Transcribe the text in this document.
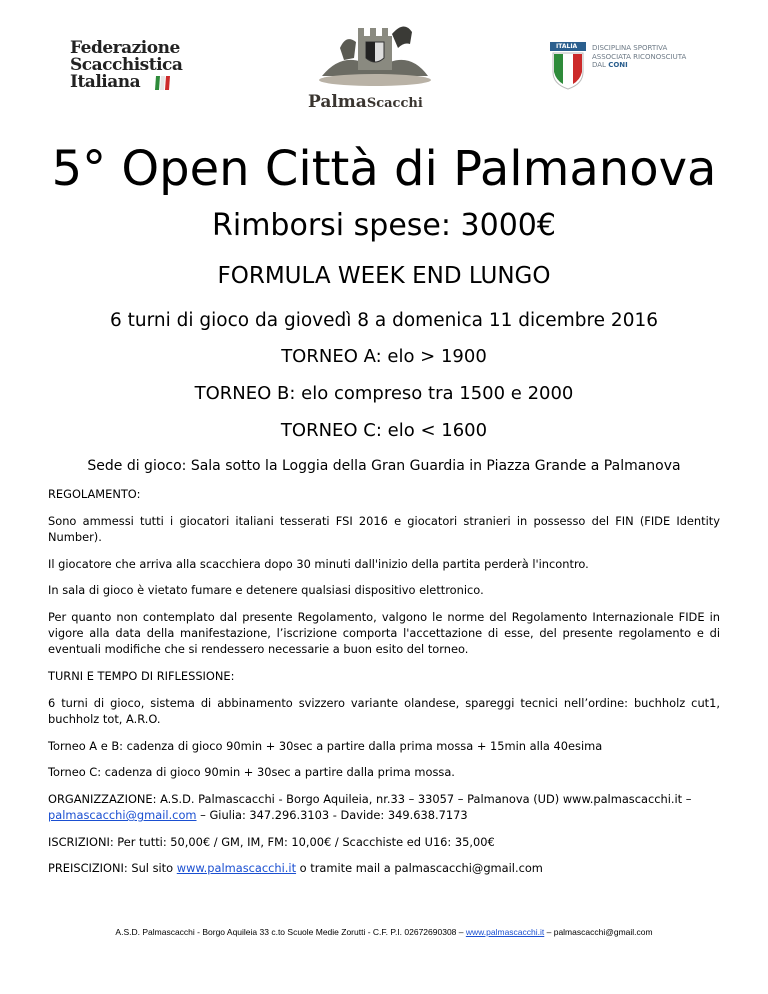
Federazione
Scacchistica
Italiana
PalmaScacchi
ITALIA DISCIPLINA SPORTIVA
ASSOCIATA RICONOSCIUTA
DAL CONI
5° Open Città di Palmanova
Rimborsi spese: 3000€
FORMULA WEEK END LUNGO
6 turni di gioco da giovedì 8 a domenica 11 dicembre 2016
TORNEO A: elo > 1900
TORNEO B: elo compreso tra 1500 e 2000
TORNEO C: elo < 1600
Sede di gioco: Sala sotto la Loggia della Gran Guardia in Piazza Grande a Palmanova
REGOLAMENTO:
Sono ammessi tutti i giocatori italiani tesserati FSI 2016 e giocatori stranieri in possesso del FIN (FIDE Identity Number).
Il giocatore che arriva alla scacchiera dopo 30 minuti dall'inizio della partita perderà l'incontro.
In sala di gioco è vietato fumare e detenere qualsiasi dispositivo elettronico.
Per quanto non contemplato dal presente Regolamento, valgono le norme del Regolamento Internazionale FIDE in vigore alla data della manifestazione, l’iscrizione comporta l'accettazione di esse, del presente regolamento e di eventuali modifiche che si rendessero necessarie a buon esito del torneo.
TURNI E TEMPO DI RIFLESSIONE:
6 turni di gioco, sistema di abbinamento svizzero variante olandese, spareggi tecnici nell’ordine: buchholz cut1, buchholz tot, A.R.O.
Torneo A e B: cadenza di gioco 90min + 30sec a partire dalla prima mossa + 15min alla 40esima
Torneo C: cadenza di gioco 90min + 30sec a partire dalla prima mossa.
ORGANIZZAZIONE: A.S.D. Palmascacchi - Borgo Aquileia, nr.33 – 33057 – Palmanova (UD) www.palmascacchi.it –
palmascacchi@gmail.com – Giulia: 347.296.3103 - Davide: 349.638.7173
ISCRIZIONI: Per tutti: 50,00€ / GM, IM, FM: 10,00€ / Scacchiste ed U16: 35,00€
PREISCIZIONI: Sul sito www.palmascacchi.it o tramite mail a palmascacchi@gmail.com
A.S.D. Palmascacchi - Borgo Aquileia 33 c.to Scuole Medie Zorutti - C.F. P.I. 02672690308 – www.palmascacchi.it – palmascacchi@gmail.com
